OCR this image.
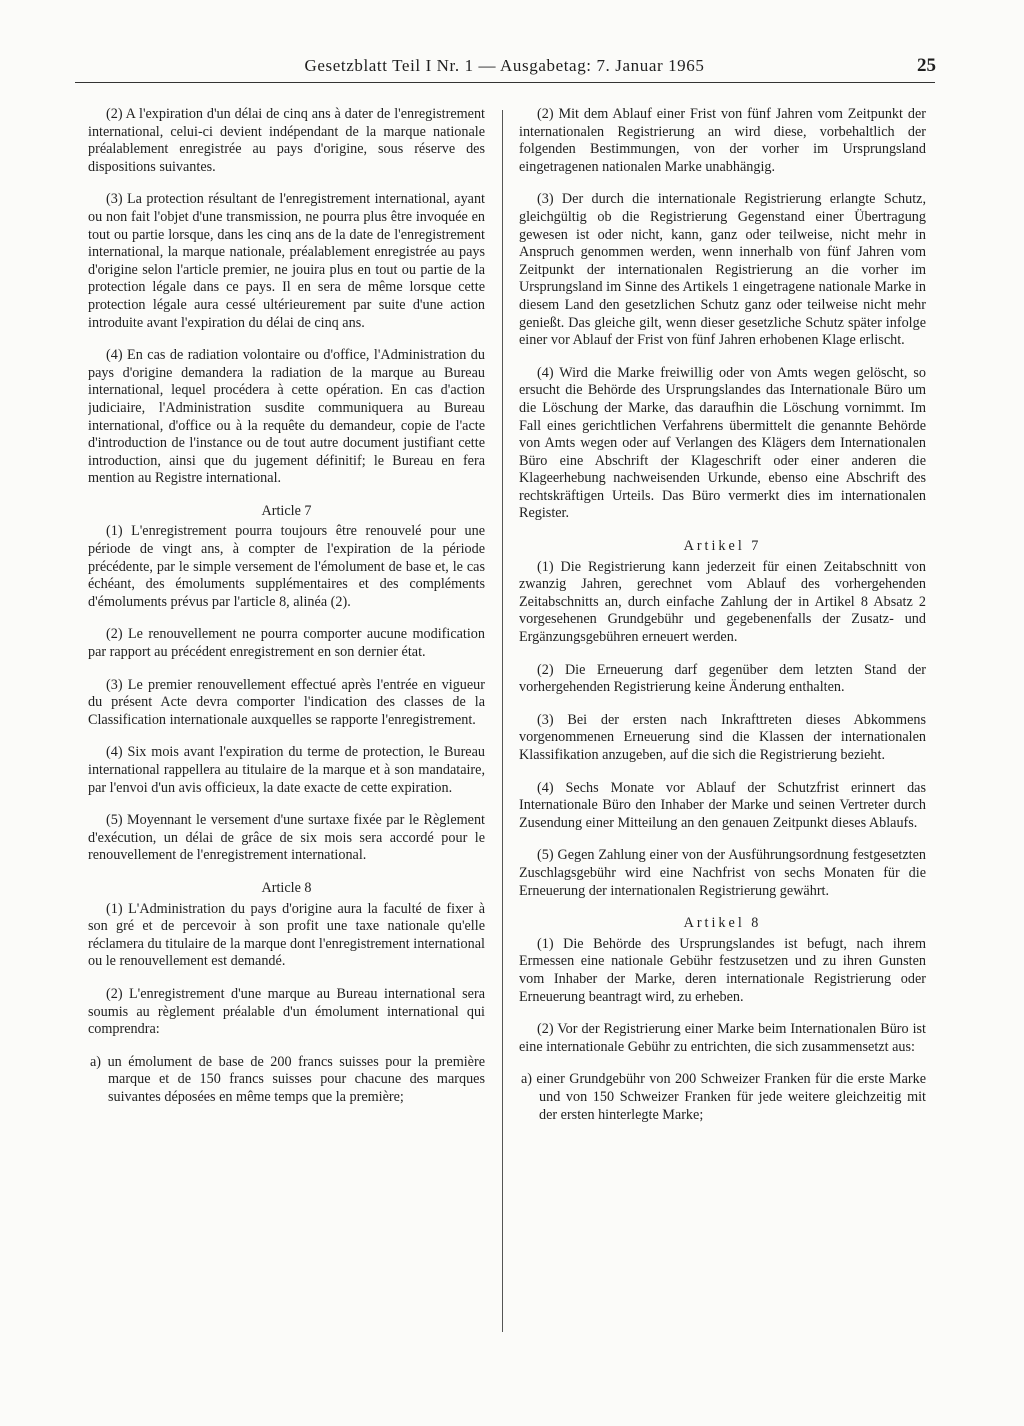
Gesetzblatt Teil I Nr. 1 — Ausgabetag: 7. Januar 1965	25

(2) A l'expiration d'un délai de cinq ans à dater de l'enregistrement international, celui-ci devient indépendant de la marque nationale préalablement enregistrée au pays d'origine, sous réserve des dispositions suivantes.

(3) La protection résultant de l'enregistrement international, ayant ou non fait l'objet d'une transmission, ne pourra plus être invoquée en tout ou partie lorsque, dans les cinq ans de la date de l'enregistrement international, la marque nationale, préalablement enregistrée au pays d'origine selon l'article premier, ne jouira plus en tout ou partie de la protection légale dans ce pays. Il en sera de même lorsque cette protection légale aura cessé ultérieurement par suite d'une action introduite avant l'expiration du délai de cinq ans.

(4) En cas de radiation volontaire ou d'office, l'Administration du pays d'origine demandera la radiation de la marque au Bureau international, lequel procédera à cette opération. En cas d'action judiciaire, l'Administration susdite communiquera au Bureau international, d'office ou à la requête du demandeur, copie de l'acte d'introduction de l'instance ou de tout autre document justifiant cette introduction, ainsi que du jugement définitif; le Bureau en fera mention au Registre international.

Article 7

(1) L'enregistrement pourra toujours être renouvelé pour une période de vingt ans, à compter de l'expiration de la période précédente, par le simple versement de l'émolument de base et, le cas échéant, des émoluments supplémentaires et des compléments d'émoluments prévus par l'article 8, alinéa (2).

(2) Le renouvellement ne pourra comporter aucune modification par rapport au précédent enregistrement en son dernier état.

(3) Le premier renouvellement effectué après l'entrée en vigueur du présent Acte devra comporter l'indication des classes de la Classification internationale auxquelles se rapporte l'enregistrement.

(4) Six mois avant l'expiration du terme de protection, le Bureau international rappellera au titulaire de la marque et à son mandataire, par l'envoi d'un avis officieux, la date exacte de cette expiration.

(5) Moyennant le versement d'une surtaxe fixée par le Règlement d'exécution, un délai de grâce de six mois sera accordé pour le renouvellement de l'enregistrement international.

Article 8

(1) L'Administration du pays d'origine aura la faculté de fixer à son gré et de percevoir à son profit une taxe nationale qu'elle réclamera du titulaire de la marque dont l'enregistrement international ou le renouvellement est demandé.

(2) L'enregistrement d'une marque au Bureau international sera soumis au règlement préalable d'un émolument international qui comprendra:

a) un émolument de base de 200 francs suisses pour la première marque et de 150 francs suisses pour chacune des marques suivantes déposées en même temps que la première;

(2) Mit dem Ablauf einer Frist von fünf Jahren vom Zeitpunkt der internationalen Registrierung an wird diese, vorbehaltlich der folgenden Bestimmungen, von der vorher im Ursprungsland eingetragenen nationalen Marke unabhängig.

(3) Der durch die internationale Registrierung erlangte Schutz, gleichgültig ob die Registrierung Gegenstand einer Übertragung gewesen ist oder nicht, kann, ganz oder teilweise, nicht mehr in Anspruch genommen werden, wenn innerhalb von fünf Jahren vom Zeitpunkt der internationalen Registrierung an die vorher im Ursprungsland im Sinne des Artikels 1 eingetragene nationale Marke in diesem Land den gesetzlichen Schutz ganz oder teilweise nicht mehr genießt. Das gleiche gilt, wenn dieser gesetzliche Schutz später infolge einer vor Ablauf der Frist von fünf Jahren erhobenen Klage erlischt.

(4) Wird die Marke freiwillig oder von Amts wegen gelöscht, so ersucht die Behörde des Ursprungslandes das Internationale Büro um die Löschung der Marke, das daraufhin die Löschung vornimmt. Im Fall eines gerichtlichen Verfahrens übermittelt die genannte Behörde von Amts wegen oder auf Verlangen des Klägers dem Internationalen Büro eine Abschrift der Klageschrift oder einer anderen die Klageerhebung nachweisenden Urkunde, ebenso eine Abschrift des rechtskräftigen Urteils. Das Büro vermerkt dies im internationalen Register.

Artikel 7

(1) Die Registrierung kann jederzeit für einen Zeitabschnitt von zwanzig Jahren, gerechnet vom Ablauf des vorhergehenden Zeitabschnitts an, durch einfache Zahlung der in Artikel 8 Absatz 2 vorgesehenen Grundgebühr und gegebenenfalls der Zusatz- und Ergänzungsgebühren erneuert werden.

(2) Die Erneuerung darf gegenüber dem letzten Stand der vorhergehenden Registrierung keine Änderung enthalten.

(3) Bei der ersten nach Inkrafttreten dieses Abkommens vorgenommenen Erneuerung sind die Klassen der internationalen Klassifikation anzugeben, auf die sich die Registrierung bezieht.

(4) Sechs Monate vor Ablauf der Schutzfrist erinnert das Internationale Büro den Inhaber der Marke und seinen Vertreter durch Zusendung einer Mitteilung an den genauen Zeitpunkt dieses Ablaufs.

(5) Gegen Zahlung einer von der Ausführungsordnung festgesetzten Zuschlagsgebühr wird eine Nachfrist von sechs Monaten für die Erneuerung der internationalen Registrierung gewährt.

Artikel 8

(1) Die Behörde des Ursprungslandes ist befugt, nach ihrem Ermessen eine nationale Gebühr festzusetzen und zu ihren Gunsten vom Inhaber der Marke, deren internationale Registrierung oder Erneuerung beantragt wird, zu erheben.

(2) Vor der Registrierung einer Marke beim Internationalen Büro ist eine internationale Gebühr zu entrichten, die sich zusammensetzt aus:

a) einer Grundgebühr von 200 Schweizer Franken für die erste Marke und von 150 Schweizer Franken für jede weitere gleichzeitig mit der ersten hinterlegte Marke;
